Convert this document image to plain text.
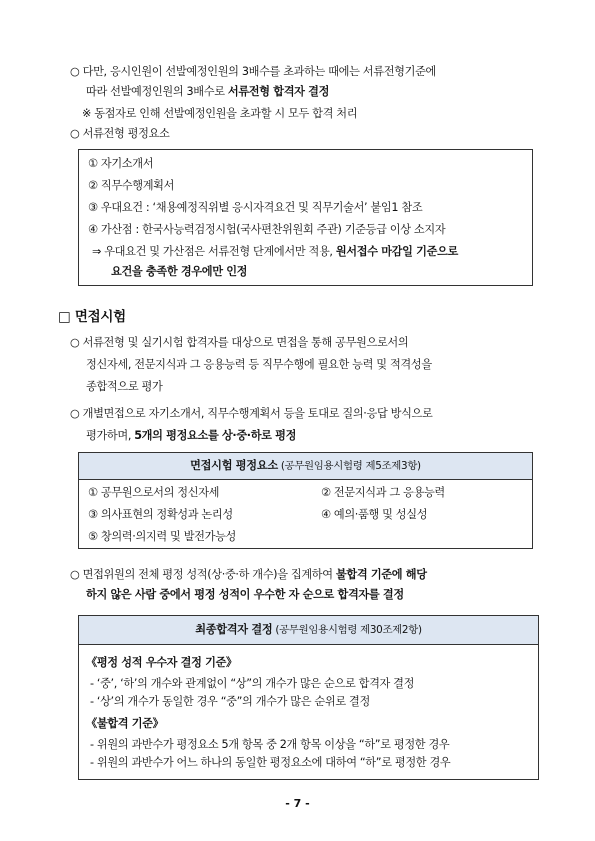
○ 다만, 응시인원이 선발예정인원의 3배수를 초과하는 때에는 서류전형기준에
따라 선발예정인원의 3배수로 서류전형 합격자 결정
※ 동점자로 인해 선발예정인원을 초과할 시 모두 합격 처리
○ 서류전형 평정요소
① 자기소개서
② 직무수행계획서
③ 우대요건 : ‘채용예정직위별 응시자격요건 및 직무기술서’ 붙임1 참조
④ 가산점 : 한국사능력검정시험(국사편찬위원회 주관) 기준등급 이상 소지자
⇒ 우대요건 및 가산점은 서류전형 단계에서만 적용, 원서접수 마감일 기준으로
요건을 충족한 경우에만 인정
□ 면접시험
○ 서류전형 및 실기시험 합격자를 대상으로 면접을 통해 공무원으로서의
정신자세, 전문지식과 그 응용능력 등 직무수행에 필요한 능력 및 적격성을
종합적으로 평가
○ 개별면접으로 자기소개서, 직무수행계획서 등을 토대로 질의·응답 방식으로
평가하며, 5개의 평정요소를 상·중·하로 평정
면접시험 평정요소 (공무원임용시험령 제5조제3항)
① 공무원으로서의 정신자세	② 전문지식과 그 응용능력
③ 의사표현의 정확성과 논리성	④ 예의·품행 및 성실성
⑤ 창의력·의지력 및 발전가능성
○ 면접위원의 전체 평정 성적(상·중·하 개수)을 집계하여 불합격 기준에 해당
하지 않은 사람 중에서 평정 성적이 우수한 자 순으로 합격자를 결정
최종합격자 결정 (공무원임용시험령 제30조제2항)
《평정 성적 우수자 결정 기준》
- ‘중’, ‘하’의 개수와 관계없이 “상”의 개수가 많은 순으로 합격자 결정
- ‘상’의 개수가 동일한 경우 “중”의 개수가 많은 순위로 결정
《불합격 기준》
- 위원의 과반수가 평정요소 5개 항목 중 2개 항목 이상을 “하”로 평정한 경우
- 위원의 과반수가 어느 하나의 동일한 평정요소에 대하여 “하”로 평정한 경우
- 7 -
